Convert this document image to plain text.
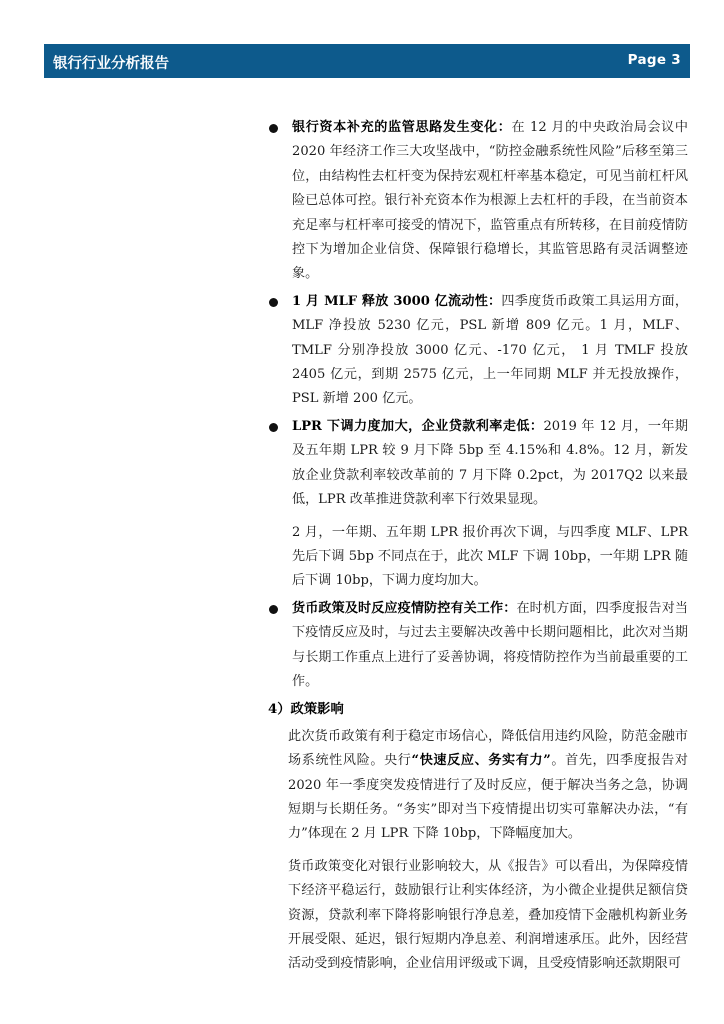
银行行业分析报告	Page 3

银行资本补充的监管思路发生变化：在 12 月的中央政治局会议中 2020 年经济工作三大攻坚战中，“防控金融系统性风险”后移至第三位，由结构性去杠杆变为保持宏观杠杆率基本稳定，可见当前杠杆风险已总体可控。银行补充资本作为根源上去杠杆的手段，在当前资本充足率与杠杆率可接受的情况下，监管重点有所转移，在目前疫情防控下为增加企业信贷、保障银行稳增长，其监管思路有灵活调整迹象。

1 月 MLF 释放 3000 亿流动性：四季度货币政策工具运用方面，MLF 净投放 5230 亿元，PSL 新增 809 亿元。1 月，MLF、TMLF 分别净投放 3000 亿元、-170 亿元， 1 月 TMLF 投放 2405 亿元，到期 2575 亿元，上一年同期 MLF 并无投放操作，PSL 新增 200 亿元。

LPR 下调力度加大，企业贷款利率走低：2019 年 12 月，一年期及五年期 LPR 较 9 月下降 5bp 至 4.15%和 4.8%。12 月，新发放企业贷款利率较改革前的 7 月下降 0.2pct，为 2017Q2 以来最低，LPR 改革推进贷款利率下行效果显现。

2 月，一年期、五年期 LPR 报价再次下调，与四季度 MLF、LPR 先后下调 5bp 不同点在于，此次 MLF 下调 10bp，一年期 LPR 随后下调 10bp，下调力度均加大。

货币政策及时反应疫情防控有关工作：在时机方面，四季度报告对当下疫情反应及时，与过去主要解决改善中长期问题相比，此次对当期与长期工作重点上进行了妥善协调，将疫情防控作为当前最重要的工作。

4）政策影响

此次货币政策有利于稳定市场信心，降低信用违约风险，防范金融市场系统性风险。央行“快速反应、务实有力”。首先，四季度报告对 2020 年一季度突发疫情进行了及时反应，便于解决当务之急，协调短期与长期任务。“务实”即对当下疫情提出切实可靠解决办法，“有力”体现在 2 月 LPR 下降 10bp，下降幅度加大。

货币政策变化对银行业影响较大，从《报告》可以看出，为保障疫情下经济平稳运行，鼓励银行让利实体经济，为小微企业提供足额信贷资源，贷款利率下降将影响银行净息差，叠加疫情下金融机构新业务开展受限、延迟，银行短期内净息差、利润增速承压。此外，因经营活动受到疫情影响，企业信用评级或下调，且受疫情影响还款期限可
